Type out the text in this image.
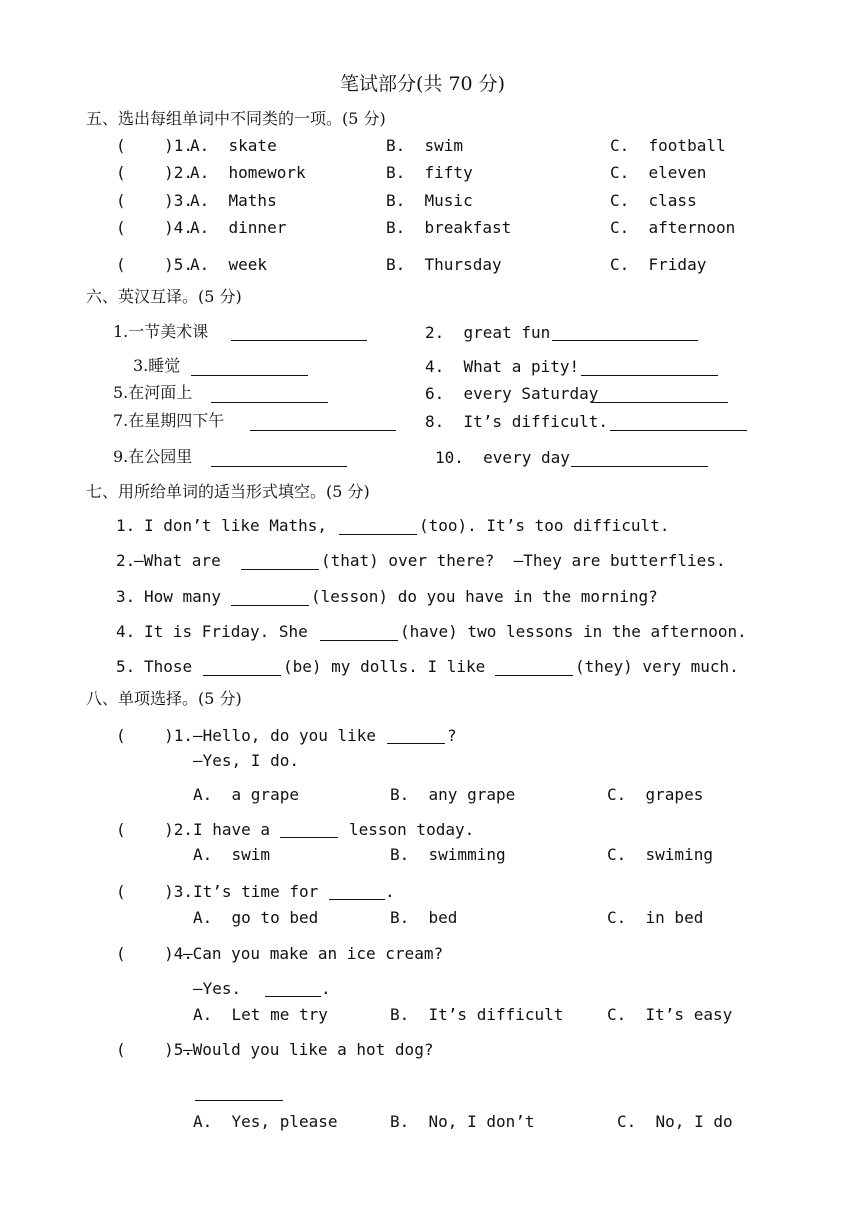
笔试部分(共 70 分)
五、选出每组单词中不同类的一项。(5 分)
(    )1.
A.  skate	B.  swim	C.  football
(    )2.
A.  homework	B.  fifty	C.  eleven
(    )3.
A.  Maths	B.  Music	C.  class
(    )4.
A.  dinner	B.  breakfast	C.  afternoon
(    )5.
A.  week	B.  Thursday	C.  Friday
六、英汉互译。(5 分)
1.一节美术课	2.  great fun
3.睡觉	4.  What a pity!
5.在河面上	6.  every Saturday
7.在星期四下午	8.  It’s difficult.
9.在公园里	10.  every day
七、用所给单词的适当形式填空。(5 分)
1. I don’t like Maths,	(too). It’s too difficult.
2.
—What are	(that) over there?  —They are butterflies.
3. How many	(lesson) do you have in the morning?
4. It is Friday. She	(have) two lessons in the afternoon.
5. Those	(be) my dolls. I like	(they) very much.
八、单项选择。(5 分)
(    )1. —Hello, do you like	?
—Yes, I do.
A.  a grape	B.  any grape	C.  grapes
(    )2. I have a	lesson today.
A.  swim	B.  swimming	C.  swiming
(    )3. It’s time for	.
A.  go to bed	B.  bed	C.  in bed
(    )4.
—Can you make an ice cream?
—Yes.	.
A.  Let me try	B.  It’s difficult	C.  It’s easy
(    )5.
—Would you like a hot dog?
A.  Yes, please	B.  No, I don’t	C.  No, I do
